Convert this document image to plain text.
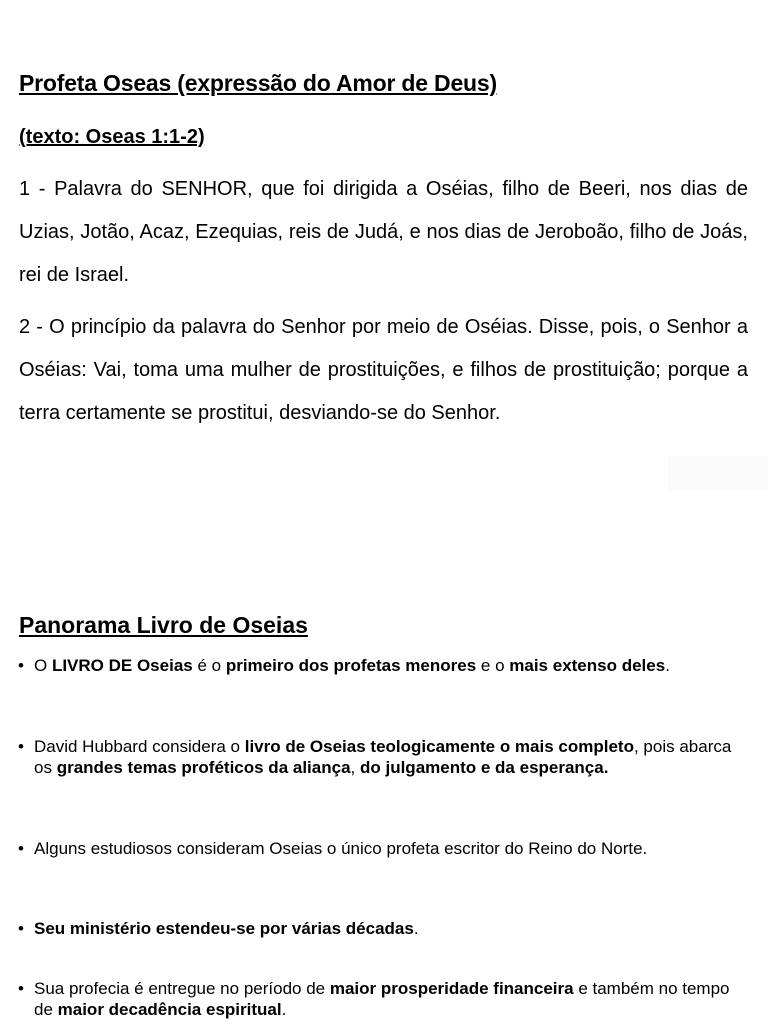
Profeta Oseas (expressão do Amor de Deus)
(texto: Oseas 1:1-2)

1 - Palavra do SENHOR, que foi dirigida a Oséias, filho de Beeri, nos dias de Uzias, Jotão, Acaz, Ezequias, reis de Judá, e nos dias de Jeroboão, filho de Joás, rei de Israel.

2 - O princípio da palavra do Senhor por meio de Oséias. Disse, pois, o Senhor a Oséias: Vai, toma uma mulher de prostituições, e filhos de prostituição; porque a terra certamente se prostitui, desviando-se do Senhor.

Panorama Livro de Oseias
• O LIVRO DE Oseias é o primeiro dos profetas menores e o mais extenso deles.
• David Hubbard considera o livro de Oseias teologicamente o mais completo, pois abarca os grandes temas proféticos da aliança, do julgamento e da esperança.
• Alguns estudiosos consideram Oseias o único profeta escritor do Reino do Norte.
• Seu ministério estendeu-se por várias décadas.
• Sua profecia é entregue no período de maior prosperidade financeira e também no tempo de maior decadência espiritual.
